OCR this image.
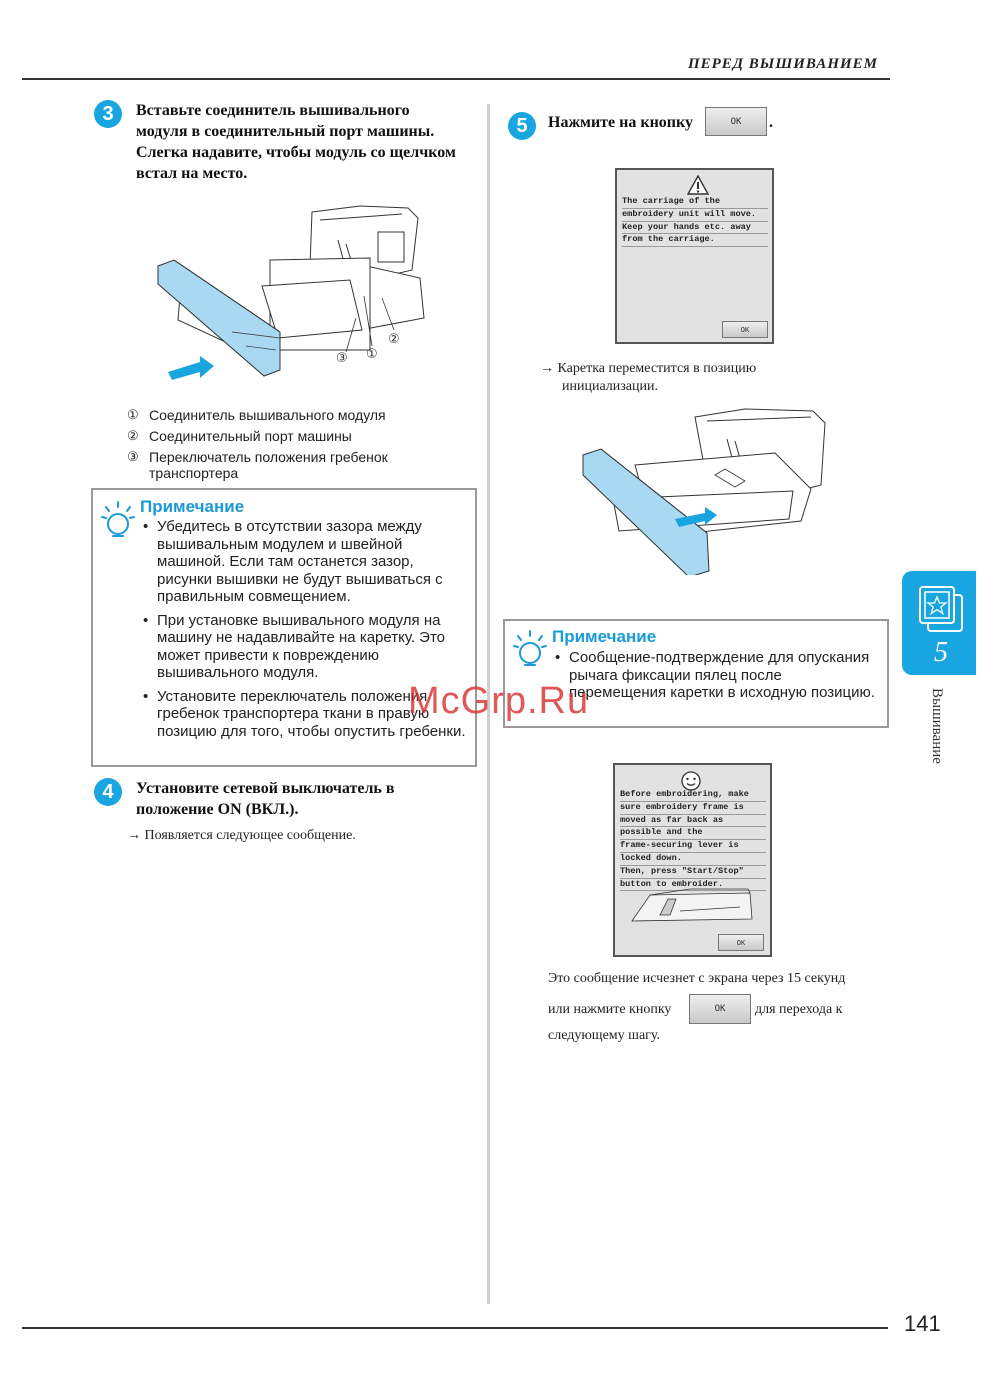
ПЕРЕД ВЫШИВАНИЕМ
3	Вставьте соединитель вышивального
модуля в соединительный порт машины.
Слегка надавите, чтобы модуль со щелчком
встал на место.
①
②
③
① Соединитель вышивального модуля
② Соединительный порт машины
③ Переключатель положения гребенок транспортера
Примечание
• Убедитесь в отсутствии зазора между вышивальным модулем и швейной машиной. Если там останется зазор, рисунки вышивки не будут вышиваться с правильным совмещением.
• При установке вышивального модуля на машину не надавливайте на каретку. Это может привести к повреждению вышивального модуля.
• Установите переключатель положения гребенок транспортера ткани в правую позицию для того, чтобы опустить гребенки.
4	Установите сетевой выключатель в
положение ON (ВКЛ.).
→ Появляется следующее сообщение.
5	Нажмите на кнопку	OK	.
The carriage of the
embroidery unit will move.
Keep your hands etc. away
from the carriage.
OK
→ Каретка переместится в позицию
инициализации.
Примечание
• Сообщение-подтверждение для опускания рычага фиксации пялец после перемещения каретки в исходную позицию.
Before embroidering, make
sure embroidery frame is
moved as far back as
possible and the
frame-securing lever is
locked down.
Then, press "Start/Stop"
button to embroider.
OK
Это сообщение исчезнет с экрана через 15 секунд
или нажмите кнопку	OK	для перехода к
следующему шагу.
5
Вышивание
McGrp.Ru
141
